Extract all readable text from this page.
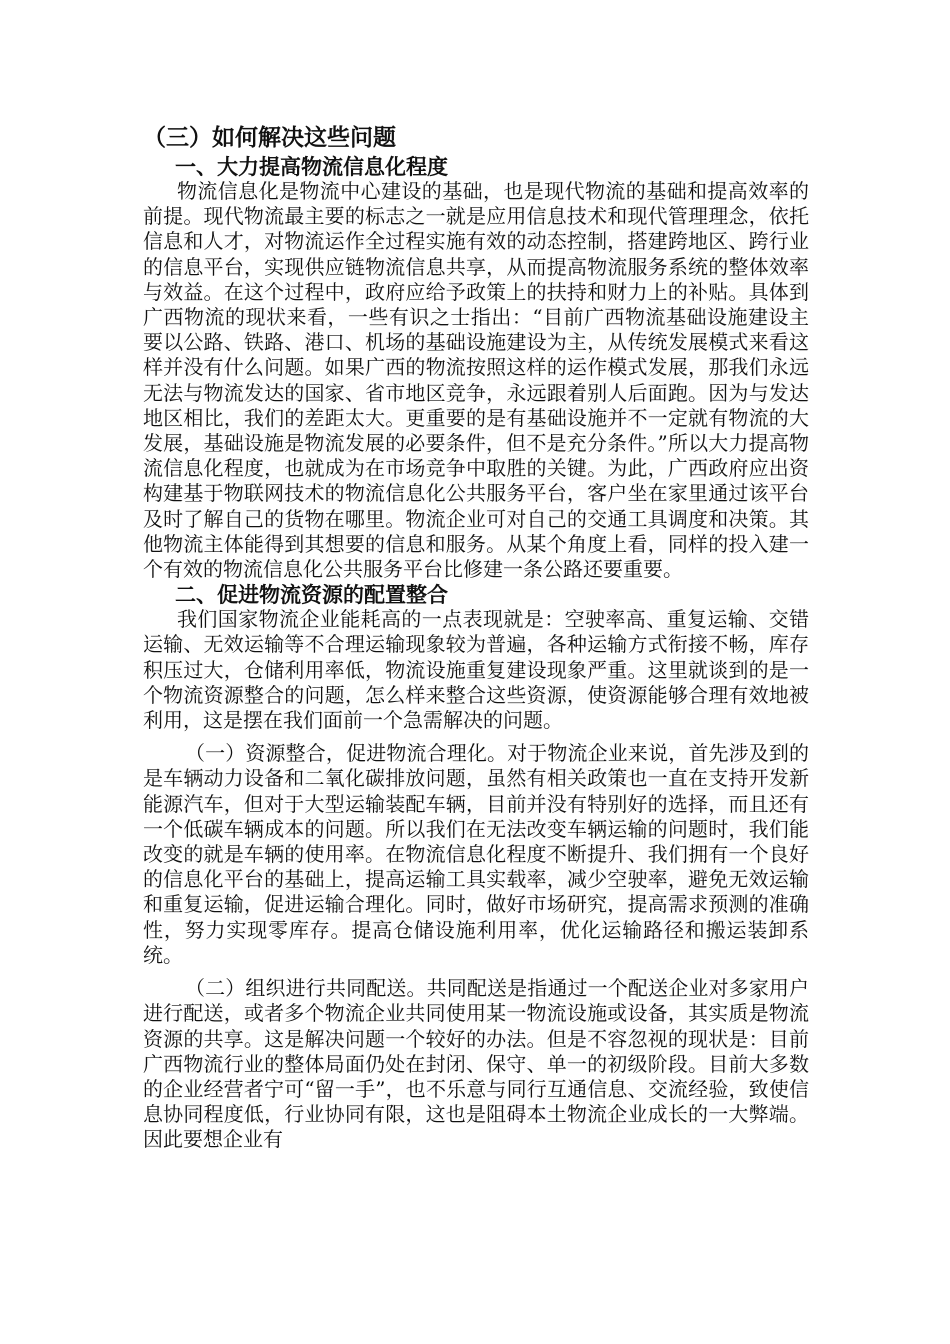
（三）如何解决这些问题

一、大力提高物流信息化程度

物流信息化是物流中心建设的基础，也是现代物流的基础和提高效率的前提。现代物流最主要的标志之一就是应用信息技术和现代管理理念，依托信息和人才，对物流运作全过程实施有效的动态控制，搭建跨地区、跨行业的信息平台，实现供应链物流信息共享，从而提高物流服务系统的整体效率与效益。在这个过程中，政府应给予政策上的扶持和财力上的补贴。具体到广西物流的现状来看，一些有识之士指出：“目前广西物流基础设施建设主要以公路、铁路、港口、机场的基础设施建设为主，从传统发展模式来看这样并没有什么问题。如果广西的物流按照这样的运作模式发展，那我们永远无法与物流发达的国家、省市地区竞争，永远跟着别人后面跑。因为与发达地区相比，我们的差距太大。更重要的是有基础设施并不一定就有物流的大发展，基础设施是物流发展的必要条件，但不是充分条件。”所以大力提高物流信息化程度，也就成为在市场竞争中取胜的关键。为此，广西政府应出资构建基于物联网技术的物流信息化公共服务平台，客户坐在家里通过该平台及时了解自己的货物在哪里。物流企业可对自己的交通工具调度和决策。其他物流主体能得到其想要的信息和服务。从某个角度上看，同样的投入建一个有效的物流信息化公共服务平台比修建一条公路还要重要。

二、促进物流资源的配置整合

我们国家物流企业能耗高的一点表现就是：空驶率高、重复运输、交错运输、无效运输等不合理运输现象较为普遍，各种运输方式衔接不畅，库存积压过大，仓储利用率低，物流设施重复建设现象严重。这里就谈到的是一个物流资源整合的问题，怎么样来整合这些资源，使资源能够合理有效地被利用，这是摆在我们面前一个急需解决的问题。

（一）资源整合，促进物流合理化。对于物流企业来说，首先涉及到的是车辆动力设备和二氧化碳排放问题，虽然有相关政策也一直在支持开发新能源汽车，但对于大型运输装配车辆，目前并没有特别好的选择，而且还有一个低碳车辆成本的问题。所以我们在无法改变车辆运输的问题时，我们能改变的就是车辆的使用率。在物流信息化程度不断提升、我们拥有一个良好的信息化平台的基础上，提高运输工具实载率，减少空驶率，避免无效运输和重复运输，促进运输合理化。同时，做好市场研究，提高需求预测的准确性，努力实现零库存。提高仓储设施利用率，优化运输路径和搬运装卸系统。

（二）组织进行共同配送。共同配送是指通过一个配送企业对多家用户进行配送，或者多个物流企业共同使用某一物流设施或设备，其实质是物流资源的共享。这是解决问题一个较好的办法。但是不容忽视的现状是：目前广西物流行业的整体局面仍处在封闭、保守、单一的初级阶段。目前大多数的企业经营者宁可“留一手”，也不乐意与同行互通信息、交流经验，致使信息协同程度低，行业协同有限，这也是阻碍本土物流企业成长的一大弊端。因此要想企业有
